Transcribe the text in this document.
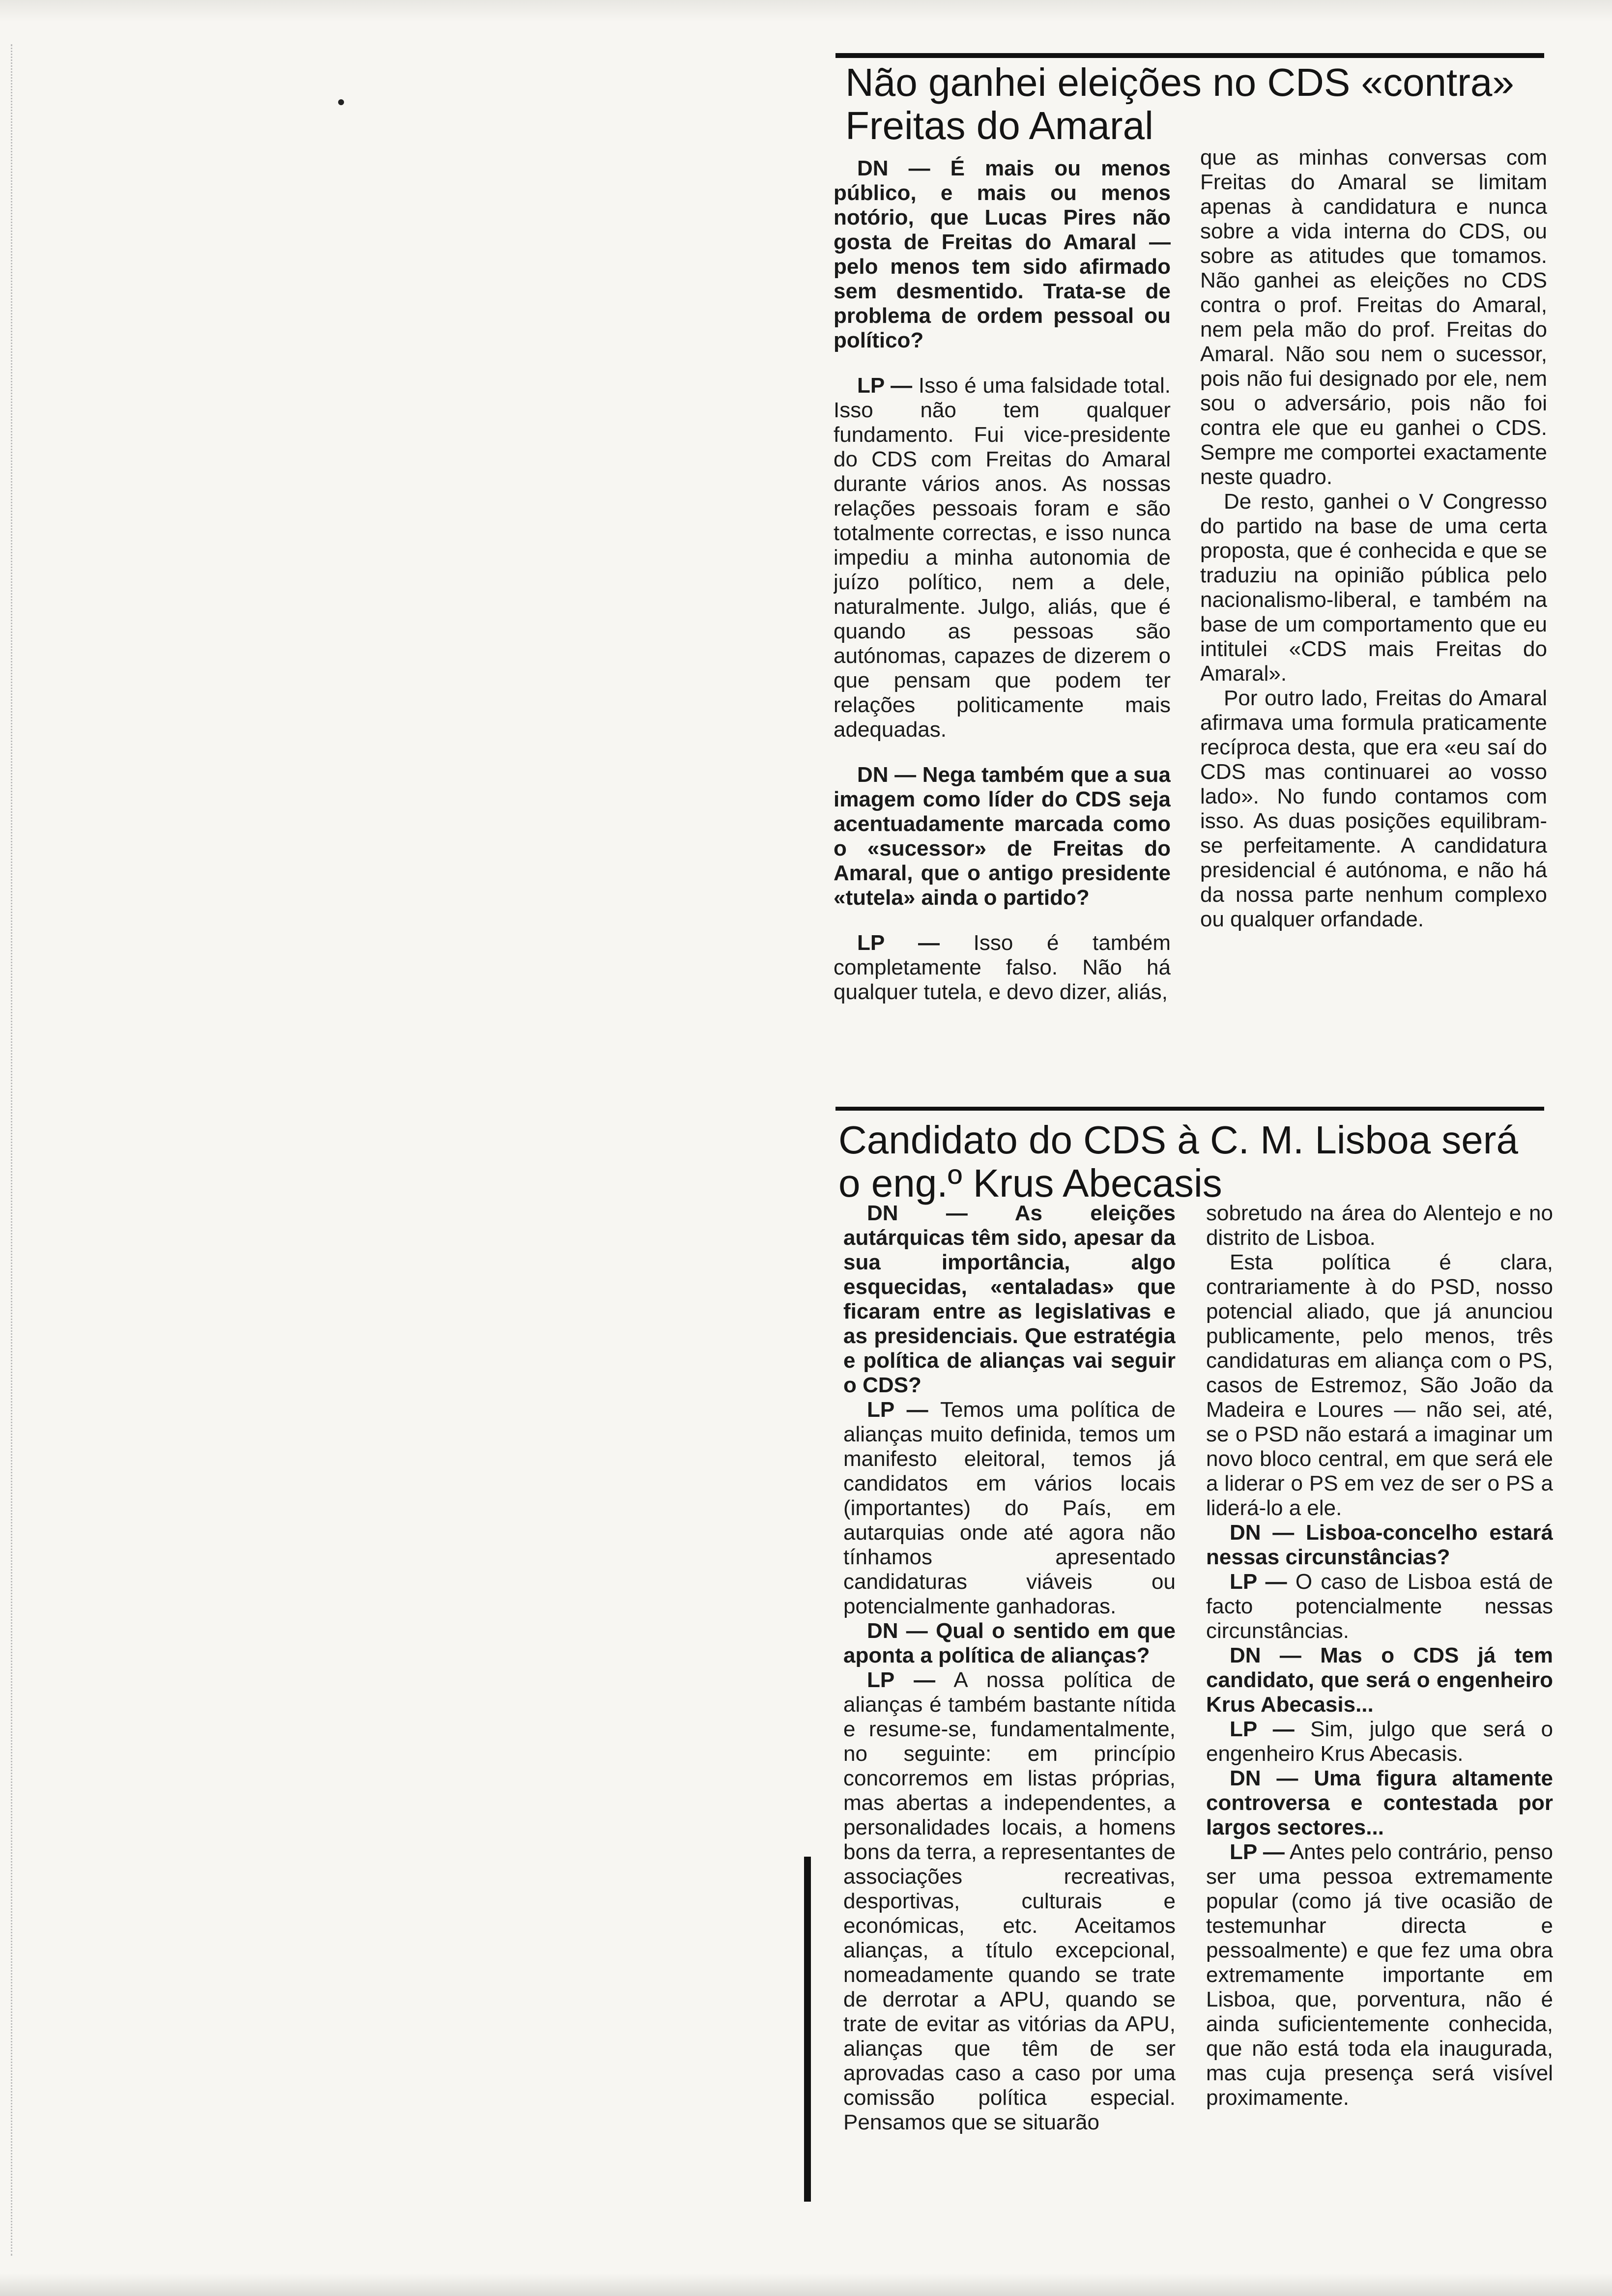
Não ganhei eleições no CDS «contra» Freitas do Amaral

DN — É mais ou menos público, e mais ou menos notório, que Lucas Pires não gosta de Freitas do Amaral — pelo menos tem sido afirmado sem desmentido. Trata-se de problema de ordem pessoal ou político?

LP — Isso é uma falsidade total. Isso não tem qualquer fundamento. Fui vice-presidente do CDS com Freitas do Amaral durante vários anos. As nossas relações pessoais foram e são totalmente correctas, e isso nunca impediu a minha autonomia de juízo político, nem a dele, naturalmente. Julgo, aliás, que é quando as pessoas são autónomas, capazes de dizerem o que pensam que podem ter relações politicamente mais adequadas.

DN — Nega também que a sua imagem como líder do CDS seja acentuadamente marcada como o «sucessor» de Freitas do Amaral, que o antigo presidente «tutela» ainda o partido?

LP — Isso é também completamente falso. Não há qualquer tutela, e devo dizer, aliás,

que as minhas conversas com Freitas do Amaral se limitam apenas à candidatura e nunca sobre a vida interna do CDS, ou sobre as atitudes que tomamos. Não ganhei as eleições no CDS contra o prof. Freitas do Amaral, nem pela mão do prof. Freitas do Amaral. Não sou nem o sucessor, pois não fui designado por ele, nem sou o adversário, pois não foi contra ele que eu ganhei o CDS. Sempre me comportei exactamente neste quadro.

De resto, ganhei o V Congresso do partido na base de uma certa proposta, que é conhecida e que se traduziu na opinião pública pelo nacionalismo-liberal, e também na base de um comportamento que eu intitulei «CDS mais Freitas do Amaral».

Por outro lado, Freitas do Amaral afirmava uma formula praticamente recíproca desta, que era «eu saí do CDS mas continuarei ao vosso lado». No fundo contamos com isso. As duas posições equilibram-se perfeitamente. A candidatura presidencial é autónoma, e não há da nossa parte nenhum complexo ou qualquer orfandade.

Candidato do CDS à C. M. Lisboa será o eng.º Krus Abecasis

DN — As eleições autárquicas têm sido, apesar da sua importância, algo esquecidas, «entaladas» que ficaram entre as legislativas e as presidenciais. Que estratégia e política de alianças vai seguir o CDS?

LP — Temos uma política de alianças muito definida, temos um manifesto eleitoral, temos já candidatos em vários locais (importantes) do País, em autarquias onde até agora não tínhamos apresentado candidaturas viáveis ou potencialmente ganhadoras.

DN — Qual o sentido em que aponta a política de alianças?

LP — A nossa política de alianças é também bastante nítida e resume-se, fundamentalmente, no seguinte: em princípio concorremos em listas próprias, mas abertas a independentes, a personalidades locais, a homens bons da terra, a representantes de associações recreativas, desportivas, culturais e económicas, etc. Aceitamos alianças, a título excepcional, nomeadamente quando se trate de derrotar a APU, quando se trate de evitar as vitórias da APU, alianças que têm de ser aprovadas caso a caso por uma comissão política especial. Pensamos que se situarão

sobretudo na área do Alentejo e no distrito de Lisboa.

Esta política é clara, contrariamente à do PSD, nosso potencial aliado, que já anunciou publicamente, pelo menos, três candidaturas em aliança com o PS, casos de Estremoz, São João da Madeira e Loures — não sei, até, se o PSD não estará a imaginar um novo bloco central, em que será ele a liderar o PS em vez de ser o PS a liderá-lo a ele.

DN — Lisboa-concelho estará nessas circunstâncias?

LP — O caso de Lisboa está de facto potencialmente nessas circunstâncias.

DN — Mas o CDS já tem candidato, que será o engenheiro Krus Abecasis...

LP — Sim, julgo que será o engenheiro Krus Abecasis.

DN — Uma figura altamente controversa e contestada por largos sectores...

LP — Antes pelo contrário, penso ser uma pessoa extremamente popular (como já tive ocasião de testemunhar directa e pessoalmente) e que fez uma obra extremamente importante em Lisboa, que, porventura, não é ainda suficientemente conhecida, que não está toda ela inaugurada, mas cuja presença será visível proximamente.
